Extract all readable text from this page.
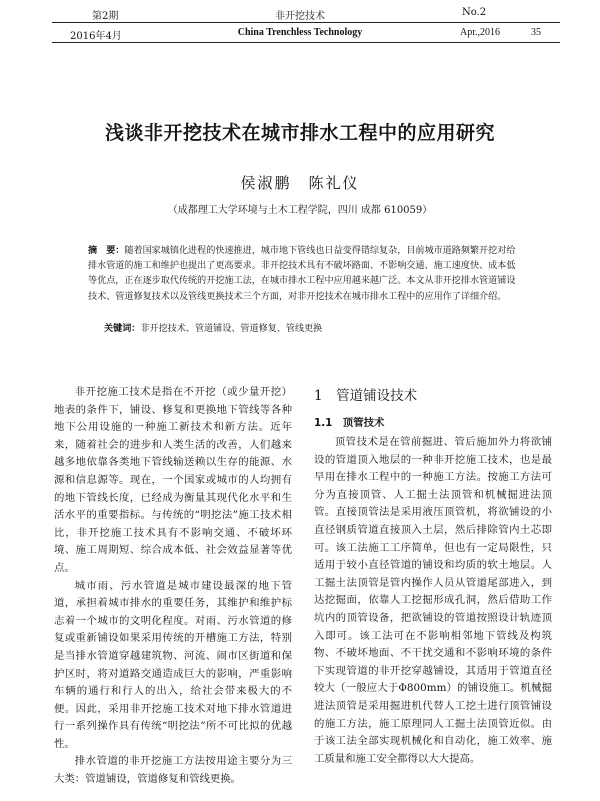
第2期	非开挖技术	No.2
2016年4月	China Trenchless Technology	Apr.,2016	35
浅谈非开挖技术在城市排水工程中的应用研究
侯淑鹏　陈礼仪
（成都理工大学环境与土木工程学院，四川 成都 610059）
摘　要：随着国家城镇化进程的快速推进，城市地下管线也日益变得错综复杂，目前城市道路频繁开挖对给排水管道的施工和维护也提出了更高要求。非开挖技术具有不破坏路面、不影响交通、施工速度快、成本低等优点，正在逐步取代传统的开挖施工法，在城市排水工程中应用越来越广泛。本文从非开挖排水管道铺设技术、管道修复技术以及管线更换技术三个方面，对非开挖技术在城市排水工程中的应用作了详细介绍。
关键词：非开挖技术、管道铺设、管道修复、管线更换

非开挖施工技术是指在不开挖（或少量开挖）地表的条件下，铺设、修复和更换地下管线等各种地下公用设施的一种施工新技术和新方法。近年来，随着社会的进步和人类生活的改善，人们越来越多地依靠各类地下管线输送赖以生存的能源、水源和信息源等。现在，一个国家或城市的人均拥有的地下管线长度，已经成为衡量其现代化水平和生活水平的重要指标。与传统的“明挖法”施工技术相比，非开挖施工技术具有不影响交通、不破坏环境、施工周期短、综合成本低、社会效益显著等优点。

城市雨、污水管道是城市建设最深的地下管道，承担着城市排水的重要任务，其维护和维护标志着一个城市的文明化程度。对雨、污水管道的修复或重新铺设如果采用传统的开槽施工方法，特别是当排水管道穿越建筑物、河流、闹市区街道和保护区时，将对道路交通造成巨大的影响，严重影响车辆的通行和行人的出入，给社会带来极大的不便。因此，采用非开挖施工技术对地下排水管道进行一系列操作具有传统“明挖法”所不可比拟的优越性。

排水管道的非开挖施工方法按用途主要分为三大类：管道铺设，管道修复和管线更换。

1　管道铺设技术
1.1　顶管技术

顶管技术是在管前掘进、管后施加外力将欲铺设的管道顶入地层的一种非开挖施工技术，也是最早用在排水工程中的一种施工方法。按施工方法可分为直接顶管、人工掘土法顶管和机械掘进法顶管。直接顶管法是采用液压顶管机，将欲铺设的小直径钢质管道直接顶入土层，然后排除管内土芯即可。该工法施工工序简单，但也有一定局限性，只适用于较小直径管道的铺设和均质的软土地层。人工掘土法顶管是管内操作人员从管道尾部进入，到达挖掘面，依靠人工挖掘形成孔洞，然后借助工作坑内的顶管设备，把欲铺设的管道按照设计轨迹顶入即可。该工法可在不影响相邻地下管线及构筑物、不破坏地面、不干扰交通和不影响环境的条件下实现管道的非开挖穿越铺设，其适用于管道直径较大（一般应大于Φ800mm）的铺设施工。机械掘进法顶管是采用掘进机代替人工挖土进行顶管铺设的施工方法，施工原理同人工掘土法顶管近似。由于该工法全部实现机械化和自动化，施工效率、施工质量和施工安全都得以大大提高。
